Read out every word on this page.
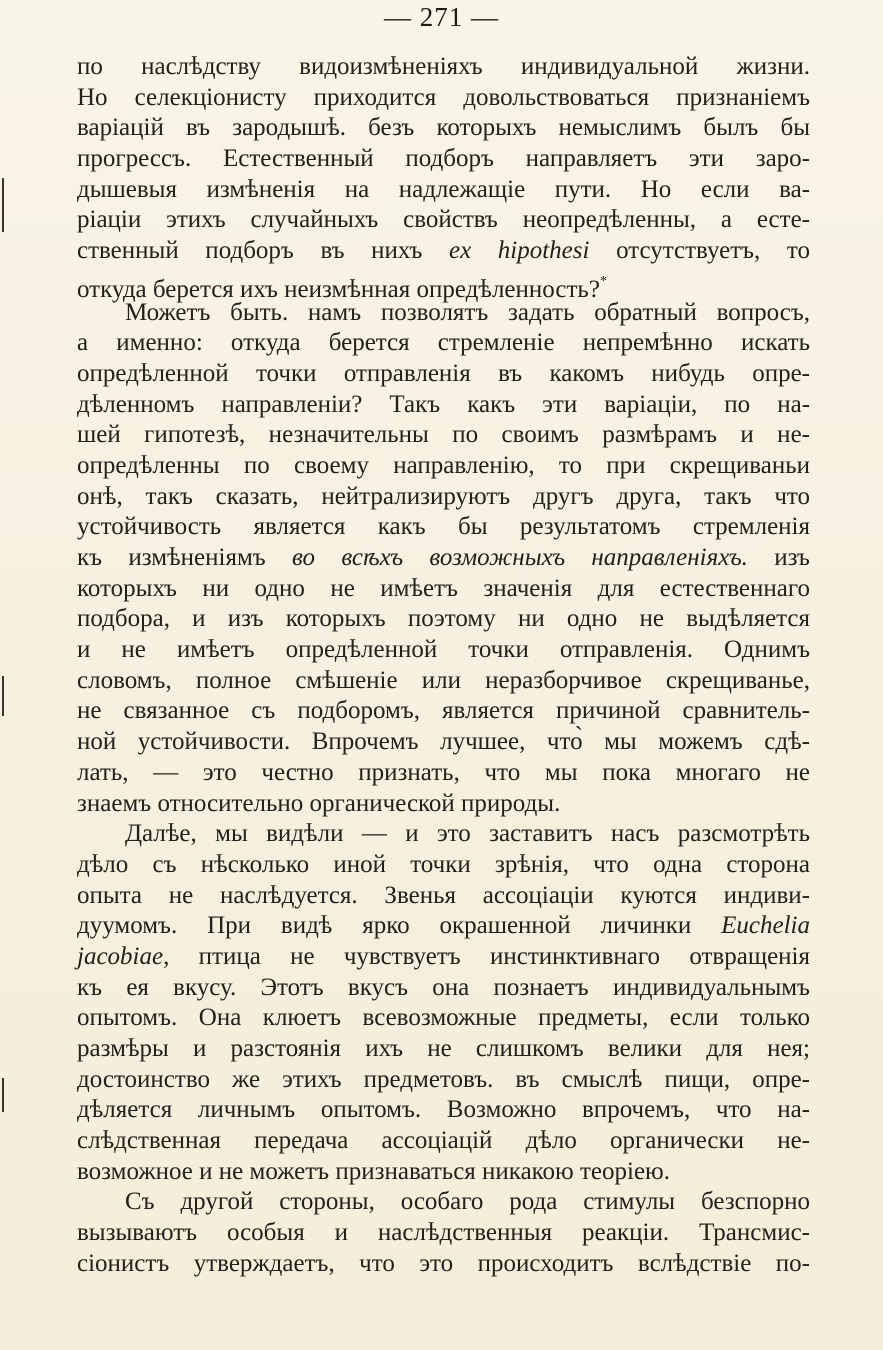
— 271 —
по наслѣдству видоизмѣненіяхъ индивидуальной жизни.
Но селекціонисту приходится довольствоваться признаніемъ
варіацій въ зародышѣ. безъ которыхъ немыслимъ былъ бы
прогрессъ. Естественный подборъ направляетъ эти заро-
дышевыя измѣненія на надлежащіе пути. Но если ва-
ріаціи этихъ случайныхъ свойствъ неопредѣленны, а есте-
ственный подборъ въ нихъ ex hipothesi отсутствуетъ, то
откуда берется ихъ неизмѣнная опредѣленность?*
Можетъ быть. намъ позволятъ задать обратный вопросъ,
а именно: откуда берется стремленіе непремѣнно искать
опредѣленной точки отправленія въ какомъ нибудь опре-
дѣленномъ направленіи? Такъ какъ эти варіаціи, по на-
шей гипотезѣ, незначительны по своимъ размѣрамъ и не-
опредѣленны по своему направленію, то при скрещиваньи
онѣ, такъ сказать, нейтрализируютъ другъ друга, такъ что
устойчивость является какъ бы результатомъ стремленія
къ измѣненіямъ во всѣхъ возможныхъ направленіяхъ. изъ
которыхъ ни одно не имѣетъ значенія для естественнаго
подбора, и изъ которыхъ поэтому ни одно не выдѣляется
и не имѣетъ опредѣленной точки отправленія. Однимъ
словомъ, полное смѣшеніе или неразборчивое скрещиванье,
не связанное съ подборомъ, является причиной сравнитель-
ной устойчивости. Впрочемъ лучшее, что̀ мы можемъ сдѣ-
лать, — это честно признать, что мы пока многаго не
знаемъ относительно органической природы.
Далѣе, мы видѣли — и это заставитъ насъ разсмотрѣть
дѣло съ нѣсколько иной точки зрѣнія, что одна сторона
опыта не наслѣдуется. Звенья ассоціаціи куются индиви-
дуумомъ. При видѣ ярко окрашенной личинки Euchelia
jacobiae, птица не чувствуетъ инстинктивнаго отвращенія
къ ея вкусу. Этотъ вкусъ она познаетъ индивидуальнымъ
опытомъ. Она клюетъ всевозможные предметы, если только
размѣры и разстоянія ихъ не слишкомъ велики для нея;
достоинство же этихъ предметовъ. въ смыслѣ пищи, опре-
дѣляется личнымъ опытомъ. Возможно впрочемъ, что на-
слѣдственная передача ассоціацій дѣло органически не-
возможное и не можетъ признаваться никакою теоріею.
Съ другой стороны, особаго рода стимулы безспорно
вызываютъ особыя и наслѣдственныя реакціи. Трансмис-
сіонистъ утверждаетъ, что это происходитъ вслѣдствіе по-
